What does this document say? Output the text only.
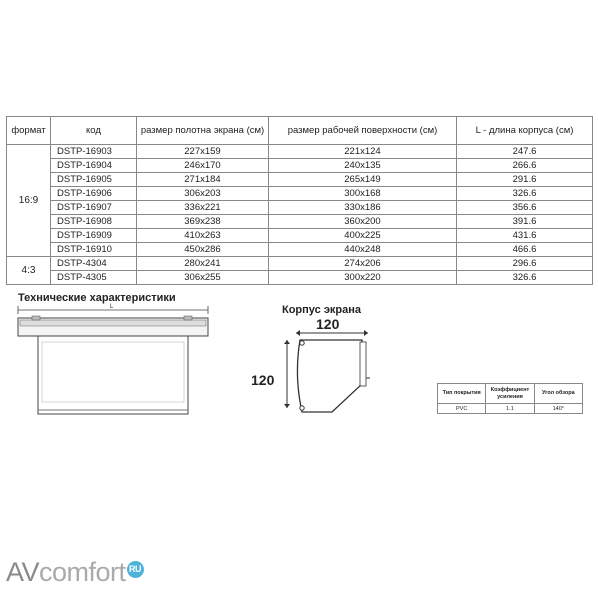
формат	код	размер полотна экрана (см)	размер рабочей поверхности (см)	L - длина корпуса (см)
16:9	DSTP-16903	227x159	221x124	247.6
	DSTP-16904	246x170	240x135	266.6
	DSTP-16905	271x184	265x149	291.6
	DSTP-16906	306x203	300x168	326.6
	DSTP-16907	336x221	330x186	356.6
	DSTP-16908	369x238	360x200	391.6
	DSTP-16909	410x263	400x225	431.6
	DSTP-16910	450x286	440x248	466.6
4:3	DSTP-4304	280x241	274x206	296.6
	DSTP-4305	306x255	300x220	326.6
Технические характеристики
L	Корпус экрана
120
120
Тип покрытия	Коэффициент усиления	Угол обзора
PVC	1.1	140°
AVcomfort RU
